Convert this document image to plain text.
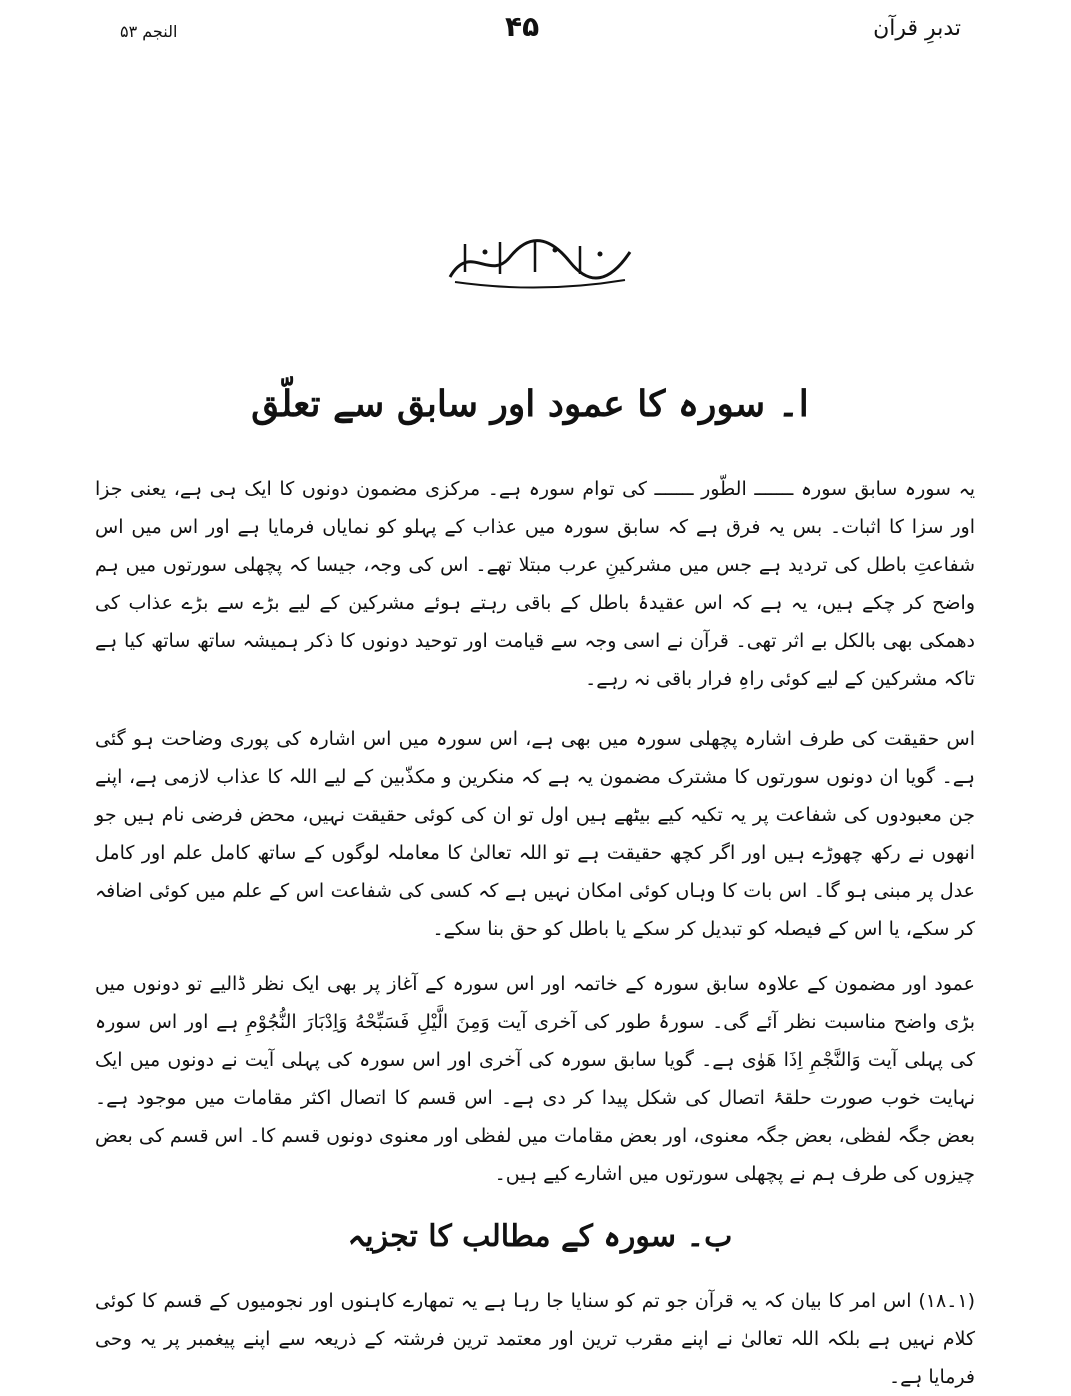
تدبرِ قرآن
۴۵
النجم ۵۳
ا۔ سورہ کا عمود اور سابق سے تعلّق
یہ سورہ سابق سورہ ـــــــ الطّور ـــــــ کی توام سورہ ہے۔ مرکزی مضمون دونوں کا ایک ہی ہے، یعنی جزا اور سزا کا اثبات۔ بس یہ فرق ہے کہ سابق سورہ میں عذاب کے پہلو کو نمایاں فرمایا ہے اور اس میں اس شفاعتِ باطل کی تردید ہے جس میں مشرکینِ عرب مبتلا تھے۔ اس کی وجہ، جیسا کہ پچھلی سورتوں میں ہم واضح کر چکے ہیں، یہ ہے کہ اس عقیدۂ باطل کے باقی رہتے ہوئے مشرکین کے لیے بڑے سے بڑے عذاب کی دھمکی بھی بالکل بے اثر تھی۔ قرآن نے اسی وجہ سے قیامت اور توحید دونوں کا ذکر ہمیشہ ساتھ ساتھ کیا ہے تاکہ مشرکین کے لیے کوئی راہِ فرار باقی نہ رہے۔
اس حقیقت کی طرف اشارہ پچھلی سورہ میں بھی ہے، اس سورہ میں اس اشارہ کی پوری وضاحت ہو گئی ہے۔ گویا ان دونوں سورتوں کا مشترک مضمون یہ ہے کہ منکرین و مکذّبین کے لیے اللہ کا عذاب لازمی ہے، اپنے جن معبودوں کی شفاعت پر یہ تکیہ کیے بیٹھے ہیں اول تو ان کی کوئی حقیقت نہیں، محض فرضی نام ہیں جو انھوں نے رکھ چھوڑے ہیں اور اگر کچھ حقیقت ہے تو اللہ تعالیٰ کا معاملہ لوگوں کے ساتھ کامل علم اور کامل عدل پر مبنی ہو گا۔ اس بات کا وہاں کوئی امکان نہیں ہے کہ کسی کی شفاعت اس کے علم میں کوئی اضافہ کر سکے، یا اس کے فیصلہ کو تبدیل کر سکے یا باطل کو حق بنا سکے۔
عمود اور مضمون کے علاوہ سابق سورہ کے خاتمہ اور اس سورہ کے آغاز پر بھی ایک نظر ڈالیے تو دونوں میں بڑی واضح مناسبت نظر آئے گی۔ سورۂ طور کی آخری آیت وَمِنَ الَّيْلِ فَسَبِّحْهُ وَاِدْبَارَ النُّجُوْمِ ہے اور اس سورہ کی پہلی آیت وَالنَّجْمِ اِذَا هَوٰى ہے۔ گویا سابق سورہ کی آخری اور اس سورہ کی پہلی آیت نے دونوں میں ایک نہایت خوب صورت حلقۂ اتصال کی شکل پیدا کر دی ہے۔ اس قسم کا اتصال اکثر مقامات میں موجود ہے۔ بعض جگہ لفظی، بعض جگہ معنوی، اور بعض مقامات میں لفظی اور معنوی دونوں قسم کا۔ اس قسم کی بعض چیزوں کی طرف ہم نے پچھلی سورتوں میں اشارے کیے ہیں۔
ب۔ سورہ کے مطالب کا تجزیہ
(۱۔۱۸) اس امر کا بیان کہ یہ قرآن جو تم کو سنایا جا رہا ہے یہ تمھارے کاہنوں اور نجومیوں کے قسم کا کوئی کلام نہیں ہے بلکہ اللہ تعالیٰ نے اپنے مقرب ترین اور معتمد ترین فرشتہ کے ذریعہ سے اپنے پیغمبر پر یہ وحی فرمایا ہے۔
